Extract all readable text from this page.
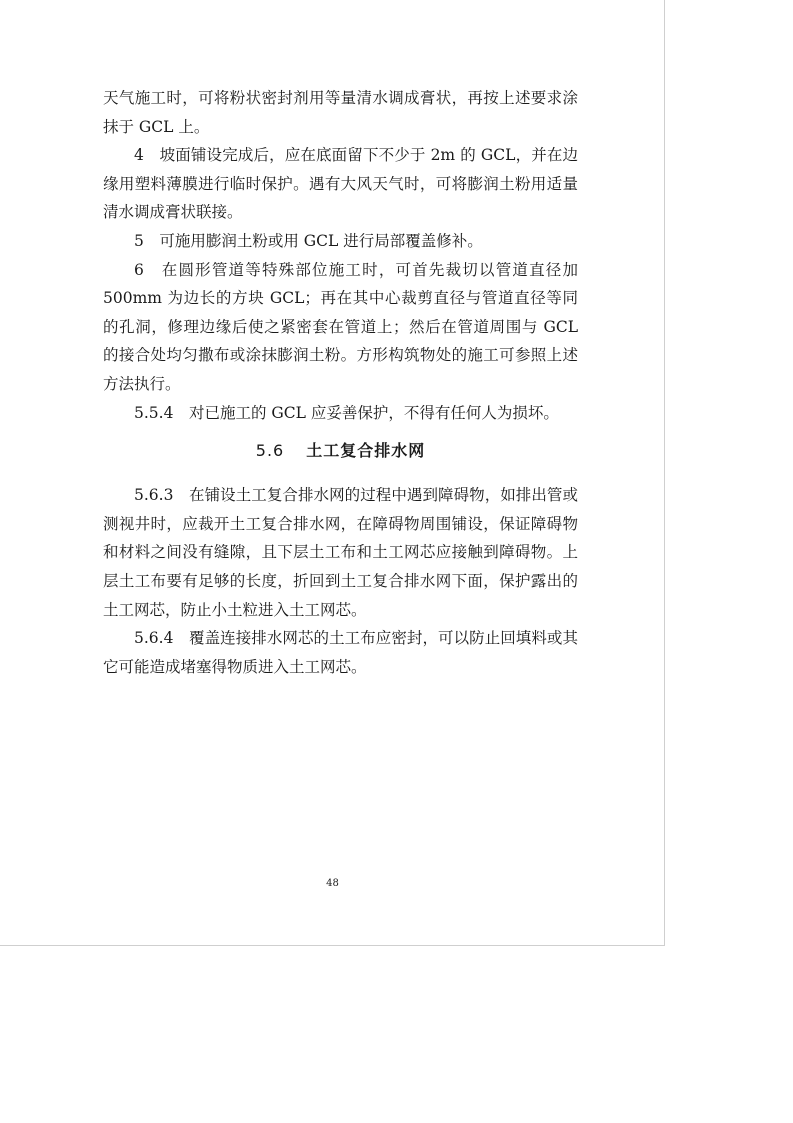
天气施工时，可将粉状密封剂用等量清水调成膏状，再按上述要求涂抹于 GCL 上。

4　坡面铺设完成后，应在底面留下不少于 2m 的 GCL，并在边缘用塑料薄膜进行临时保护。遇有大风天气时，可将膨润土粉用适量清水调成膏状联接。

5　可施用膨润土粉或用 GCL 进行局部覆盖修补。

6　在圆形管道等特殊部位施工时，可首先裁切以管道直径加 500mm 为边长的方块 GCL；再在其中心裁剪直径与管道直径等同的孔洞，修理边缘后使之紧密套在管道上；然后在管道周围与 GCL 的接合处均匀撒布或涂抹膨润土粉。方形构筑物处的施工可参照上述方法执行。

5.5.4　对已施工的 GCL 应妥善保护，不得有任何人为损坏。

5.6 土工复合排水网

5.6.3　在铺设土工复合排水网的过程中遇到障碍物，如排出管或测视井时，应裁开土工复合排水网，在障碍物周围铺设，保证障碍物和材料之间没有缝隙，且下层土工布和土工网芯应接触到障碍物。上层土工布要有足够的长度，折回到土工复合排水网下面，保护露出的土工网芯，防止小土粒进入土工网芯。

5.6.4　覆盖连接排水网芯的土工布应密封，可以防止回填料或其它可能造成堵塞得物质进入土工网芯。

48
